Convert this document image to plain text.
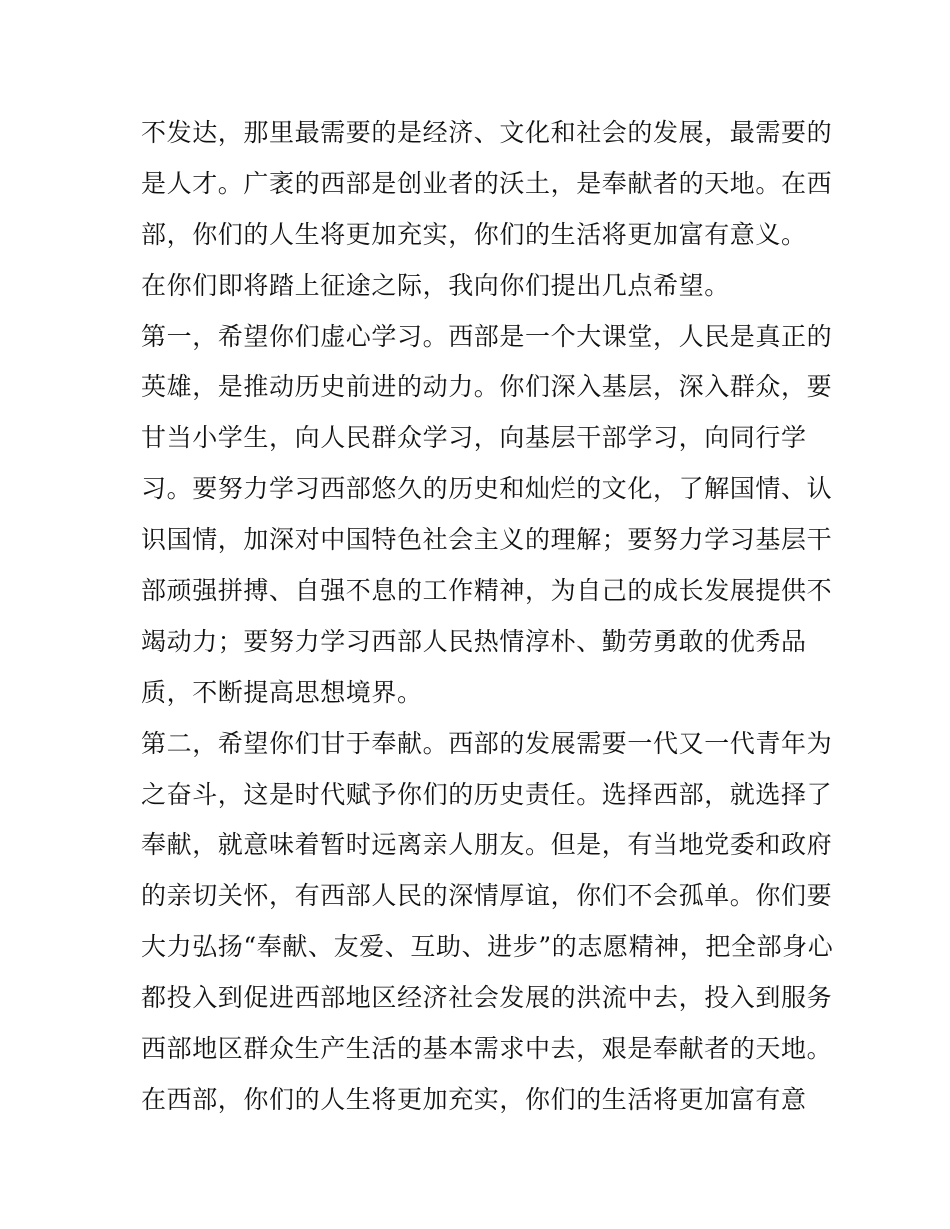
不发达，那里最需要的是经济、文化和社会的发展，最需要的
是人才。广袤的西部是创业者的沃土，是奉献者的天地。在西
部，你们的人生将更加充实，你们的生活将更加富有意义。
在你们即将踏上征途之际，我向你们提出几点希望。
第一，希望你们虚心学习。西部是一个大课堂，人民是真正的
英雄，是推动历史前进的动力。你们深入基层，深入群众，要
甘当小学生，向人民群众学习，向基层干部学习，向同行学
习。要努力学习西部悠久的历史和灿烂的文化，了解国情、认
识国情，加深对中国特色社会主义的理解；要努力学习基层干
部顽强拼搏、自强不息的工作精神，为自己的成长发展提供不
竭动力；要努力学习西部人民热情淳朴、勤劳勇敢的优秀品
质，不断提高思想境界。
第二，希望你们甘于奉献。西部的发展需要一代又一代青年为
之奋斗，这是时代赋予你们的历史责任。选择西部，就选择了
奉献，就意味着暂时远离亲人朋友。但是，有当地党委和政府
的亲切关怀，有西部人民的深情厚谊，你们不会孤单。你们要
大力弘扬“奉献、友爱、互助、进步”的志愿精神，把全部身心
都投入到促进西部地区经济社会发展的洪流中去，投入到服务
西部地区群众生产生活的基本需求中去，艰是奉献者的天地。
在西部，你们的人生将更加充实，你们的生活将更加富有意
